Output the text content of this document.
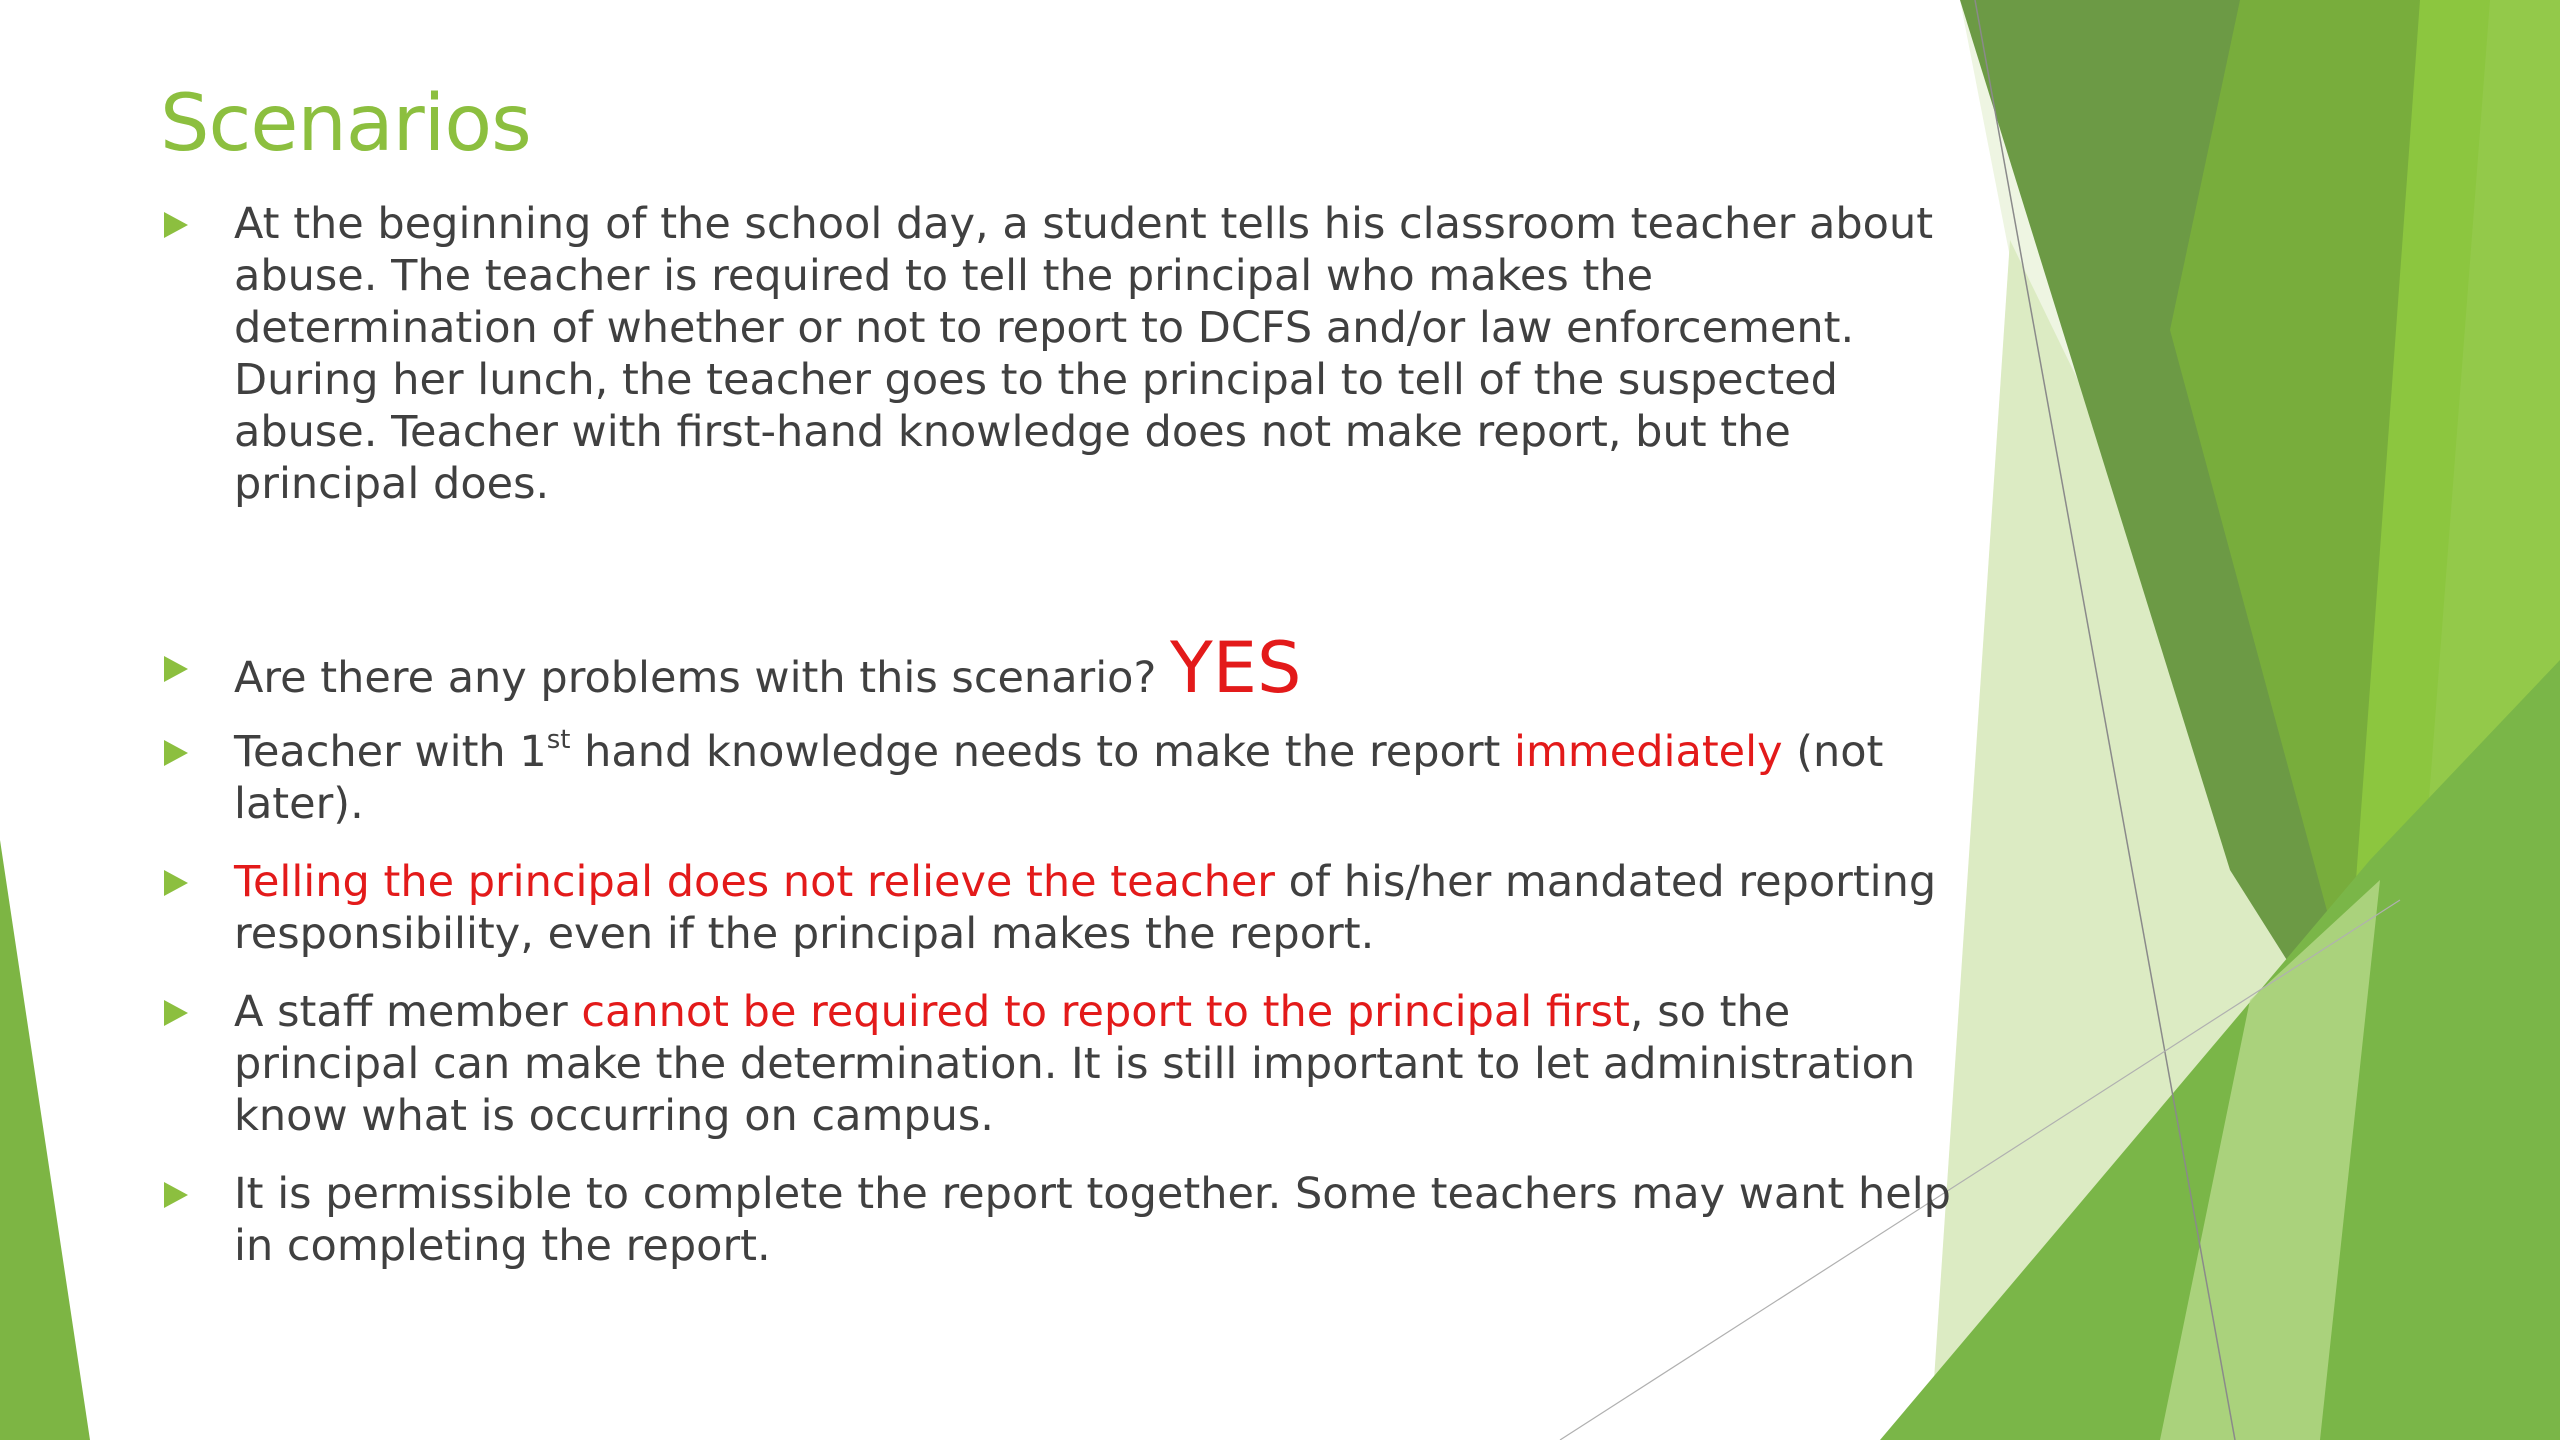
Scenarios
At the beginning of the school day, a student tells his classroom teacher about abuse. The teacher is required to tell the principal who makes the determination of whether or not to report to DCFS and/or law enforcement. During her lunch, the teacher goes to the principal to tell of the suspected abuse. Teacher with first-hand knowledge does not make report, but the principal does.
Are there any problems with this scenario? YES
Teacher with 1st hand knowledge needs to make the report immediately (not later).
Telling the principal does not relieve the teacher of his/her mandated reporting responsibility, even if the principal makes the report.
A staff member cannot be required to report to the principal first, so the principal can make the determination. It is still important to let administration know what is occurring on campus.
It is permissible to complete the report together. Some teachers may want help in completing the report.
